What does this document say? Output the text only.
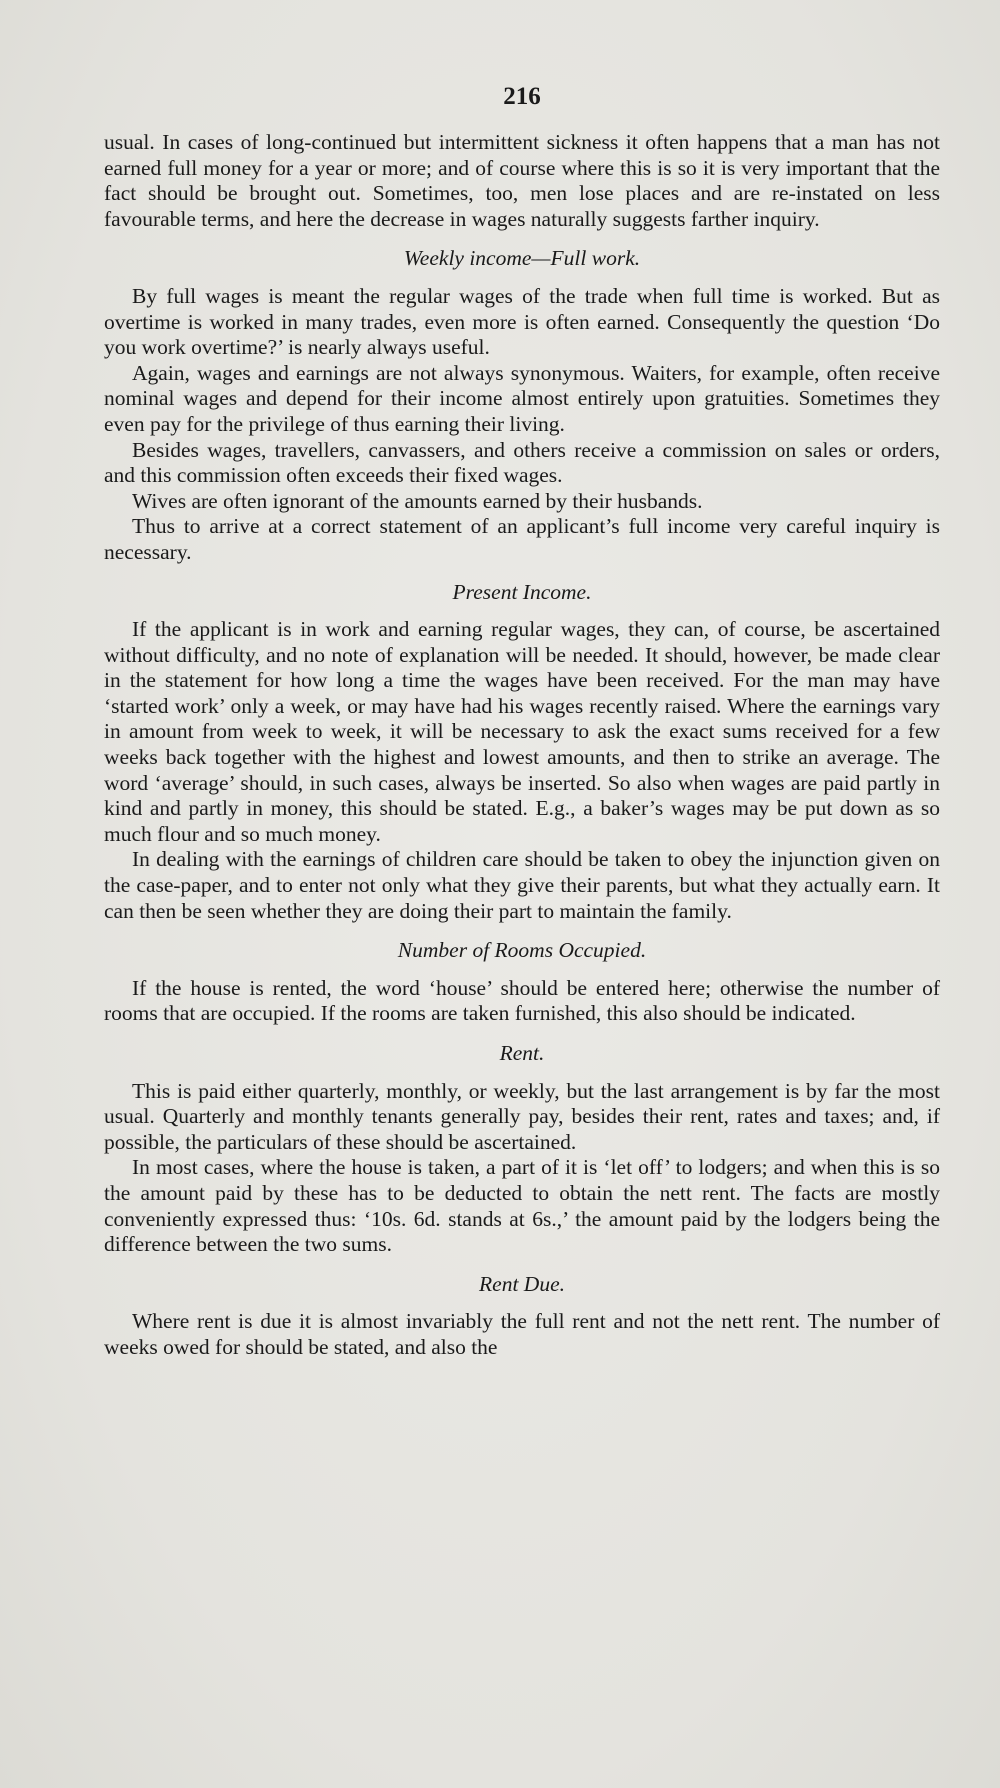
216

usual. In cases of long-continued but intermittent sickness it often happens that a man has not earned full money for a year or more; and of course where this is so it is very important that the fact should be brought out. Sometimes, too, men lose places and are re-instated on less favourable terms, and here the decrease in wages naturally suggests farther inquiry.

Weekly income—Full work.

By full wages is meant the regular wages of the trade when full time is worked. But as overtime is worked in many trades, even more is often earned. Consequently the question ‘Do you work overtime?’ is nearly always useful.

Again, wages and earnings are not always synonymous. Waiters, for example, often receive nominal wages and depend for their income almost entirely upon gratuities. Sometimes they even pay for the privilege of thus earning their living.

Besides wages, travellers, canvassers, and others receive a commission on sales or orders, and this commission often exceeds their fixed wages.

Wives are often ignorant of the amounts earned by their husbands.

Thus to arrive at a correct statement of an applicant’s full income very careful inquiry is necessary.

Present Income.

If the applicant is in work and earning regular wages, they can, of course, be ascertained without difficulty, and no note of explanation will be needed. It should, however, be made clear in the statement for how long a time the wages have been received. For the man may have ‘started work’ only a week, or may have had his wages recently raised. Where the earnings vary in amount from week to week, it will be necessary to ask the exact sums received for a few weeks back together with the highest and lowest amounts, and then to strike an average. The word ‘average’ should, in such cases, always be inserted. So also when wages are paid partly in kind and partly in money, this should be stated. E.g., a baker’s wages may be put down as so much flour and so much money.

In dealing with the earnings of children care should be taken to obey the injunction given on the case-paper, and to enter not only what they give their parents, but what they actually earn. It can then be seen whether they are doing their part to maintain the family.

Number of Rooms Occupied.

If the house is rented, the word ‘house’ should be entered here; otherwise the number of rooms that are occupied. If the rooms are taken furnished, this also should be indicated.

Rent.

This is paid either quarterly, monthly, or weekly, but the last arrangement is by far the most usual. Quarterly and monthly tenants generally pay, besides their rent, rates and taxes; and, if possible, the particulars of these should be ascertained.

In most cases, where the house is taken, a part of it is ‘let off’ to lodgers; and when this is so the amount paid by these has to be deducted to obtain the nett rent. The facts are mostly conveniently expressed thus: ‘10s. 6d. stands at 6s.,’ the amount paid by the lodgers being the difference between the two sums.

Rent Due.

Where rent is due it is almost invariably the full rent and not the nett rent. The number of weeks owed for should be stated, and also the
